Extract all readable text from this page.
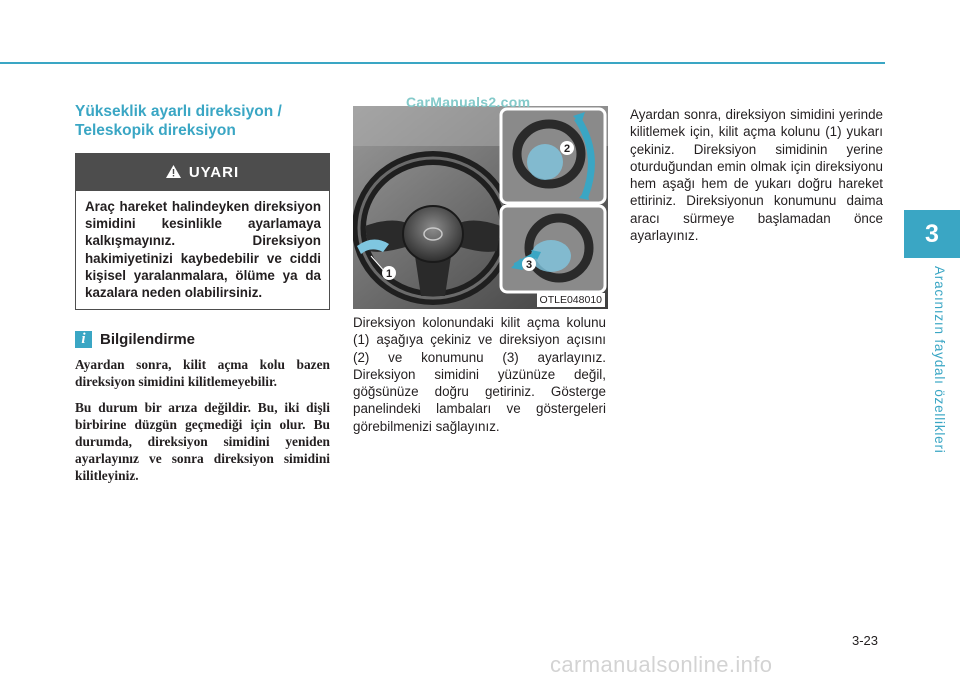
3
Aracınızın faydalı özellikleri
Yükseklik ayarlı direksiyon /
Teleskopik direksiyon
UYARI
Araç hareket halindeyken direksiyon simidini kesinlikle ayarlamaya kalkışmayınız. Direksiyon hakimiyetinizi kaybedebilir ve ciddi kişisel yaralanmalara, ölüme ya da kazalara neden olabilirsiniz.
i Bilgilendirme

Ayardan sonra, kilit açma kolu bazen direksiyon simidini kilitlemeyebilir.

Bu durum bir arıza değildir. Bu, iki dişli birbirine düzgün geçmediği için olur. Bu durumda, direksiyon simidini yeniden ayarlayınız ve sonra direksiyon simidini kilitleyiniz.

1
2
3
OTLE048010
CarManuals2.com

Direksiyon kolonundaki kilit açma kolunu (1) aşağıya çekiniz ve direksiyon açısını (2) ve konumunu (3) ayarlayınız. Direksiyon simidini yüzünüze değil, göğsünüze doğru getiriniz. Gösterge panelindeki lambaları ve göstergeleri görebilmenizi sağlayınız.

Ayardan sonra, direksiyon simidini yerinde kilitlemek için, kilit açma kolunu (1) yukarı çekiniz. Direksiyon simidinin yerine oturduğundan emin olmak için direksiyonu hem aşağı hem de yukarı doğru hareket ettiriniz. Direksiyonun konumunu daima aracı sürmeye başlamadan önce ayarlayınız.

3-23
carmanualsonline.info
